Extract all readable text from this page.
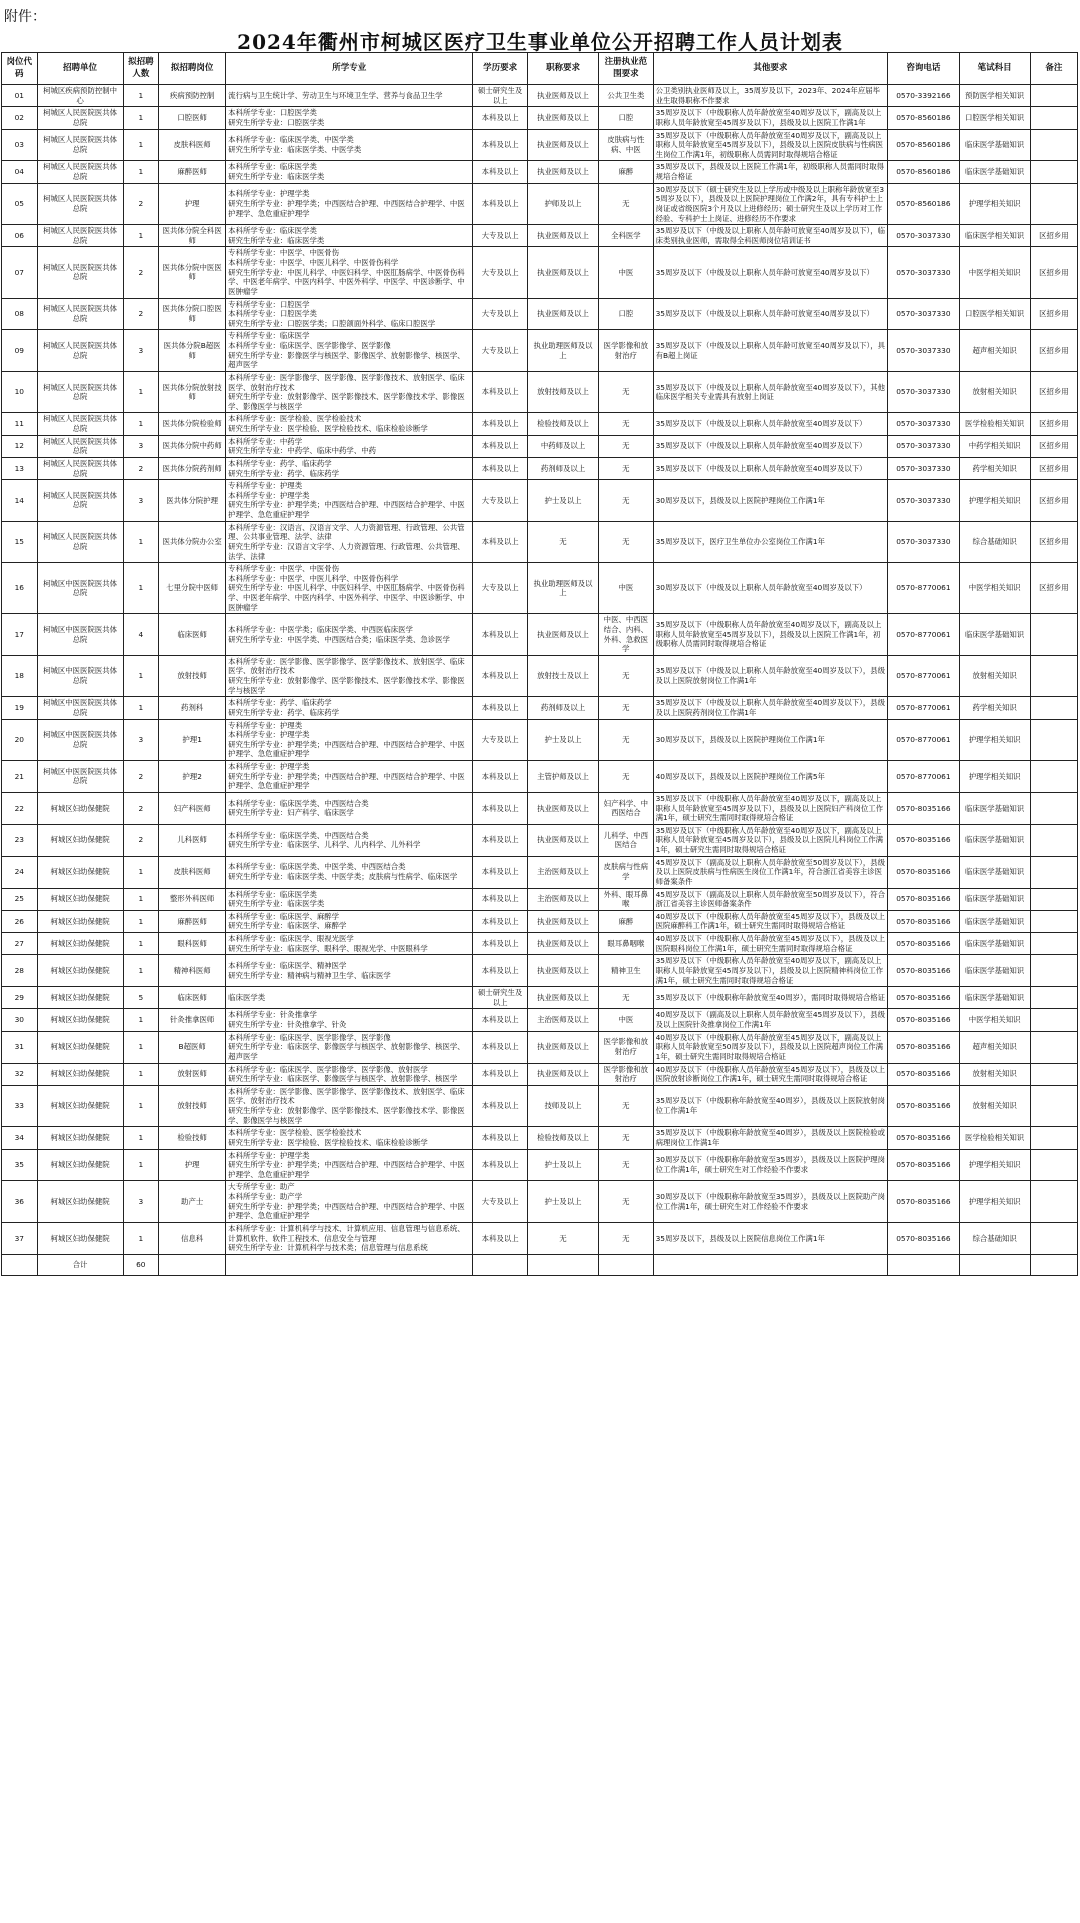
附件：
2024年衢州市柯城区医疗卫生事业单位公开招聘工作人员计划表
岗位代码	招聘单位	拟招聘人数	拟招聘岗位	所学专业	学历要求	职称要求	注册执业范围要求	其他要求	咨询电话	笔试科目	备注
01	柯城区疾病预防控制中心	1	疾病预防控制	流行病与卫生统计学、劳动卫生与环境卫生学、营养与食品卫生学	硕士研究生及以上	执业医师及以上	公共卫生类	公卫类别执业医师及以上，35周岁及以下，2023年、2024年应届毕业生取得职称不作要求	0570-3392166	预防医学相关知识	
02	柯城区人民医院医共体总院	1	口腔医师	本科所学专业：口腔医学类
研究生所学专业：口腔医学类	本科及以上	执业医师及以上	口腔	35周岁及以下（中级职称人员年龄放宽至40周岁及以下，副高及以上职称人员年龄放宽至45周岁及以下），县级及以上医院工作满1年	0570-8560186	口腔医学相关知识	
03	柯城区人民医院医共体总院	1	皮肤科医师	本科所学专业：临床医学类、中医学类
研究生所学专业：临床医学类、中医学类	本科及以上	执业医师及以上	皮肤病与性病、中医	35周岁及以下（中级职称人员年龄放宽至40周岁及以下，副高及以上职称人员年龄放宽至45周岁及以下），县级及以上医院皮肤病与性病医生岗位工作满1年，初级职称人员需同时取得规培合格证	0570-8560186	临床医学基础知识	
04	柯城区人民医院医共体总院	1	麻醉医师	本科所学专业：临床医学类
研究生所学专业：临床医学类	本科及以上	执业医师及以上	麻醉	35周岁及以下，县级及以上医院工作满1年，初级职称人员需同时取得规培合格证	0570-8560186	临床医学基础知识	
05	柯城区人民医院医共体总院	2	护理	本科所学专业：护理学类
研究生所学专业：护理学类；中西医结合护理、中西医结合护理学、中医护理学、急危重症护理学	本科及以上	护师及以上	无	30周岁及以下（硕士研究生及以上学历或中级及以上职称年龄放宽至35周岁及以下），县级及以上医院护理岗位工作满2年，具有专科护士上岗证或省级医院3个月及以上进修经历；硕士研究生及以上学历对工作经验、专科护士上岗证、进修经历不作要求	0570-8560186	护理学相关知识	
06	柯城区人民医院医共体总院	1	医共体分院全科医师	本科所学专业：临床医学类
研究生所学专业：临床医学类	大专及以上	执业医师及以上	全科医学	35周岁及以下（中级及以上职称人员年龄可放宽至40周岁及以下），临床类别执业医师，需取得全科医师岗位培训证书	0570-3037330	临床医学相关知识	区招乡用
07	柯城区人民医院医共体总院	2	医共体分院中医医师	专科所学专业：中医学、中医骨伤
本科所学专业：中医学、中医儿科学、中医骨伤科学
研究生所学专业：中医儿科学、中医妇科学、中医肛肠病学、中医骨伤科学、中医老年病学、中医内科学、中医外科学、中医学、中医诊断学、中医肿瘤学	大专及以上	执业医师及以上	中医	35周岁及以下（中级及以上职称人员年龄可放宽至40周岁及以下）	0570-3037330	中医学相关知识	区招乡用
08	柯城区人民医院医共体总院	2	医共体分院口腔医师	专科所学专业：口腔医学
本科所学专业：口腔医学类
研究生所学专业：口腔医学类；口腔颌面外科学、临床口腔医学	大专及以上	执业医师及以上	口腔	35周岁及以下（中级及以上职称人员年龄可放宽至40周岁及以下）	0570-3037330	口腔医学相关知识	区招乡用
09	柯城区人民医院医共体总院	3	医共体分院B超医师	专科所学专业：临床医学
本科所学专业：临床医学、医学影像学、医学影像
研究生所学专业：影像医学与核医学、影像医学、放射影像学、核医学、超声医学	大专及以上	执业助理医师及以上	医学影像和放射治疗	35周岁及以下（中级及以上职称人员年龄可放宽至40周岁及以下），具有B超上岗证	0570-3037330	超声相关知识	区招乡用
10	柯城区人民医院医共体总院	1	医共体分院放射技师	本科所学专业：医学影像学、医学影像、医学影像技术、放射医学、临床医学、放射治疗技术
研究生所学专业：放射影像学、医学影像技术、医学影像技术学、影像医学、影像医学与核医学	本科及以上	放射技师及以上	无	35周岁及以下（中级及以上职称人员年龄放宽至40周岁及以下），其他临床医学相关专业需具有放射上岗证	0570-3037330	放射相关知识	区招乡用
11	柯城区人民医院医共体总院	1	医共体分院检验师	本科所学专业：医学检验、医学检验技术
研究生所学专业：医学检验、医学检验技术、临床检验诊断学	本科及以上	检验技师及以上	无	35周岁及以下（中级及以上职称人员年龄放宽至40周岁及以下）	0570-3037330	医学检验相关知识	区招乡用
12	柯城区人民医院医共体总院	3	医共体分院中药师	本科所学专业：中药学
研究生所学专业：中药学、临床中药学、中药	本科及以上	中药师及以上	无	35周岁及以下（中级及以上职称人员年龄放宽至40周岁及以下）	0570-3037330	中药学相关知识	区招乡用
13	柯城区人民医院医共体总院	2	医共体分院药剂师	本科所学专业：药学、临床药学
研究生所学专业：药学、临床药学	本科及以上	药剂师及以上	无	35周岁及以下（中级及以上职称人员年龄放宽至40周岁及以下）	0570-3037330	药学相关知识	区招乡用
14	柯城区人民医院医共体总院	3	医共体分院护理	专科所学专业：护理类
本科所学专业：护理学类
研究生所学专业：护理学类；中西医结合护理、中西医结合护理学、中医护理学、急危重症护理学	大专及以上	护士及以上	无	30周岁及以下，县级及以上医院护理岗位工作满1年	0570-3037330	护理学相关知识	区招乡用
15	柯城区人民医院医共体总院	1	医共体分院办公室	本科所学专业：汉语言、汉语言文学、人力资源管理、行政管理、公共管理、公共事业管理、法学、法律
研究生所学专业：汉语言文字学、人力资源管理、行政管理、公共管理、法学、法律	本科及以上	无	无	35周岁及以下，医疗卫生单位办公室岗位工作满1年	0570-3037330	综合基础知识	区招乡用
16	柯城区中医医院医共体总院	1	七里分院中医师	专科所学专业：中医学、中医骨伤
本科所学专业：中医学、中医儿科学、中医骨伤科学
研究生所学专业：中医儿科学、中医妇科学、中医肛肠病学、中医骨伤科学、中医老年病学、中医内科学、中医外科学、中医学、中医诊断学、中医肿瘤学	大专及以上	执业助理医师及以上	中医	30周岁及以下（中级及以上职称人员年龄放宽至40周岁及以下）	0570-8770061	中医学相关知识	区招乡用
17	柯城区中医医院医共体总院	4	临床医师	本科所学专业：中医学类；临床医学类、中西医临床医学
研究生所学专业：中医学类、中西医结合类；临床医学类、急诊医学	本科及以上	执业医师及以上	中医、中西医结合、内科、外科、急救医学	35周岁及以下（中级职称人员年龄放宽至40周岁及以下，副高及以上职称人员年龄放宽至45周岁及以下），县级及以上医院工作满1年，初级职称人员需同时取得规培合格证	0570-8770061	临床医学基础知识	
18	柯城区中医医院医共体总院	1	放射技师	本科所学专业：医学影像、医学影像学、医学影像技术、放射医学、临床医学、放射治疗技术
研究生所学专业：放射影像学、医学影像技术、医学影像技术学、影像医学与核医学	本科及以上	放射技士及以上	无	35周岁及以下（中级及以上职称人员年龄放宽至40周岁及以下），县级及以上医院放射岗位工作满1年	0570-8770061	放射相关知识	
19	柯城区中医医院医共体总院	1	药剂科	本科所学专业：药学、临床药学
研究生所学专业：药学、临床药学	本科及以上	药剂师及以上	无	35周岁及以下（中级及以上职称人员年龄放宽至40周岁及以下），县级及以上医院药剂岗位工作满1年	0570-8770061	药学相关知识	
20	柯城区中医医院医共体总院	3	护理1	专科所学专业：护理类
本科所学专业：护理学类
研究生所学专业：护理学类；中西医结合护理、中西医结合护理学、中医护理学、急危重症护理学	大专及以上	护士及以上	无	30周岁及以下，县级及以上医院护理岗位工作满1年	0570-8770061	护理学相关知识	
21	柯城区中医医院医共体总院	2	护理2	本科所学专业：护理学类
研究生所学专业：护理学类；中西医结合护理、中西医结合护理学、中医护理学、急危重症护理学	本科及以上	主管护师及以上	无	40周岁及以下，县级及以上医院护理岗位工作满5年	0570-8770061	护理学相关知识	
22	柯城区妇幼保健院	2	妇产科医师	本科所学专业：临床医学类、中西医结合类
研究生所学专业：妇产科学、临床医学	本科及以上	执业医师及以上	妇产科学、中西医结合	35周岁及以下（中级职称人员年龄放宽至40周岁及以下，副高及以上职称人员年龄放宽至45周岁及以下），县级及以上医院妇产科岗位工作满1年，硕士研究生需同时取得规培合格证	0570-8035166	临床医学基础知识	
23	柯城区妇幼保健院	2	儿科医师	本科所学专业：临床医学类、中西医结合类
研究生所学专业：临床医学、儿科学、儿内科学、儿外科学	本科及以上	执业医师及以上	儿科学、中西医结合	35周岁及以下（中级职称人员年龄放宽至40周岁及以下，副高及以上职称人员年龄放宽至45周岁及以下），县级及以上医院儿科岗位工作满1年，硕士研究生需同时取得规培合格证	0570-8035166	临床医学基础知识	
24	柯城区妇幼保健院	1	皮肤科医师	本科所学专业：临床医学类、中医学类、中西医结合类
研究生所学专业：临床医学类、中医学类；皮肤病与性病学、临床医学	本科及以上	主治医师及以上	皮肤病与性病学	45周岁及以下（副高及以上职称人员年龄放宽至50周岁及以下），县级及以上医院皮肤病与性病医生岗位工作满1年，符合浙江省美容主诊医师备案条件	0570-8035166	临床医学基础知识	
25	柯城区妇幼保健院	1	整形外科医师	本科所学专业：临床医学类
研究生所学专业：临床医学类	本科及以上	主治医师及以上	外科、眼耳鼻喉	45周岁及以下（副高及以上职称人员年龄放宽至50周岁及以下），符合浙江省美容主诊医师备案条件	0570-8035166	临床医学基础知识	
26	柯城区妇幼保健院	1	麻醉医师	本科所学专业：临床医学、麻醉学
研究生所学专业：临床医学、麻醉学	本科及以上	执业医师及以上	麻醉	40周岁及以下（中级职称人员年龄放宽至45周岁及以下），县级及以上医院麻醉科工作满1年，硕士研究生需同时取得规培合格证	0570-8035166	临床医学基础知识	
27	柯城区妇幼保健院	1	眼科医师	本科所学专业：临床医学、眼视光医学
研究生所学专业：临床医学、眼科学、眼视光学、中医眼科学	本科及以上	执业医师及以上	眼耳鼻咽喉	40周岁及以下（中级职称人员年龄放宽至45周岁及以下），县级及以上医院眼科岗位工作满1年，硕士研究生需同时取得规培合格证	0570-8035166	临床医学基础知识	
28	柯城区妇幼保健院	1	精神科医师	本科所学专业：临床医学、精神医学
研究生所学专业：精神病与精神卫生学、临床医学	本科及以上	执业医师及以上	精神卫生	35周岁及以下（中级职称人员年龄放宽至40周岁及以下，副高及以上职称人员年龄放宽至45周岁及以下），县级及以上医院精神科岗位工作满1年，硕士研究生需同时取得规培合格证	0570-8035166	临床医学基础知识	
29	柯城区妇幼保健院	5	临床医师	临床医学类	硕士研究生及以上	执业医师及以上	无	35周岁及以下（中级职称年龄放宽至40周岁），需同时取得规培合格证	0570-8035166	临床医学基础知识	
30	柯城区妇幼保健院	1	针灸推拿医师	本科所学专业：针灸推拿学
研究生所学专业：针灸推拿学、针灸	本科及以上	主治医师及以上	中医	40周岁及以下（副高及以上职称人员年龄放宽至45周岁及以下），县级及以上医院针灸推拿岗位工作满1年	0570-8035166	中医学相关知识	
31	柯城区妇幼保健院	1	B超医师	本科所学专业：临床医学、医学影像学、医学影像
研究生所学专业：临床医学、影像医学与核医学、放射影像学、核医学、超声医学	本科及以上	执业医师及以上	医学影像和放射治疗	40周岁及以下（中级职称人员年龄放宽至45周岁及以下，副高及以上职称人员年龄放宽至50周岁及以下），县级及以上医院超声岗位工作满1年，硕士研究生需同时取得规培合格证	0570-8035166	超声相关知识	
32	柯城区妇幼保健院	1	放射医师	本科所学专业：临床医学、医学影像学、医学影像、放射医学
研究生所学专业：临床医学、影像医学与核医学、放射影像学、核医学	本科及以上	执业医师及以上	医学影像和放射治疗	40周岁及以下（中级职称人员年龄放宽至45周岁及以下），县级及以上医院放射诊断岗位工作满1年，硕士研究生需同时取得规培合格证	0570-8035166	放射相关知识	
33	柯城区妇幼保健院	1	放射技师	本科所学专业：医学影像、医学影像学、医学影像技术、放射医学、临床医学、放射治疗技术
研究生所学专业：放射影像学、医学影像技术、医学影像技术学、影像医学、影像医学与核医学	本科及以上	技师及以上	无	35周岁及以下（中级职称年龄放宽至40周岁），县级及以上医院放射岗位工作满1年	0570-8035166	放射相关知识	
34	柯城区妇幼保健院	1	检验技师	本科所学专业：医学检验、医学检验技术
研究生所学专业：医学检验、医学检验技术、临床检验诊断学	本科及以上	检验技师及以上	无	35周岁及以下（中级职称年龄放宽至40周岁），县级及以上医院检验或病理岗位工作满1年	0570-8035166	医学检验相关知识	
35	柯城区妇幼保健院	1	护理	本科所学专业：护理学类
研究生所学专业：护理学类；中西医结合护理、中西医结合护理学、中医护理学、急危重症护理学	本科及以上	护士及以上	无	30周岁及以下（中级职称年龄放宽至35周岁），县级及以上医院护理岗位工作满1年，硕士研究生对工作经验不作要求	0570-8035166	护理学相关知识	
36	柯城区妇幼保健院	3	助产士	大专所学专业：助产
本科所学专业：助产学
研究生所学专业：护理学类；中西医结合护理、中西医结合护理学、中医护理学、急危重症护理学	大专及以上	护士及以上	无	30周岁及以下（中级职称年龄放宽至35周岁），县级及以上医院助产岗位工作满1年，硕士研究生对工作经验不作要求	0570-8035166	护理学相关知识	
37	柯城区妇幼保健院	1	信息科	本科所学专业：计算机科学与技术、计算机应用、信息管理与信息系统、计算机软件、软件工程技术、信息安全与管理
研究生所学专业：计算机科学与技术类；信息管理与信息系统	本科及以上	无	无	35周岁及以下，县级及以上医院信息岗位工作满1年	0570-8035166	综合基础知识	
	合计	60									
